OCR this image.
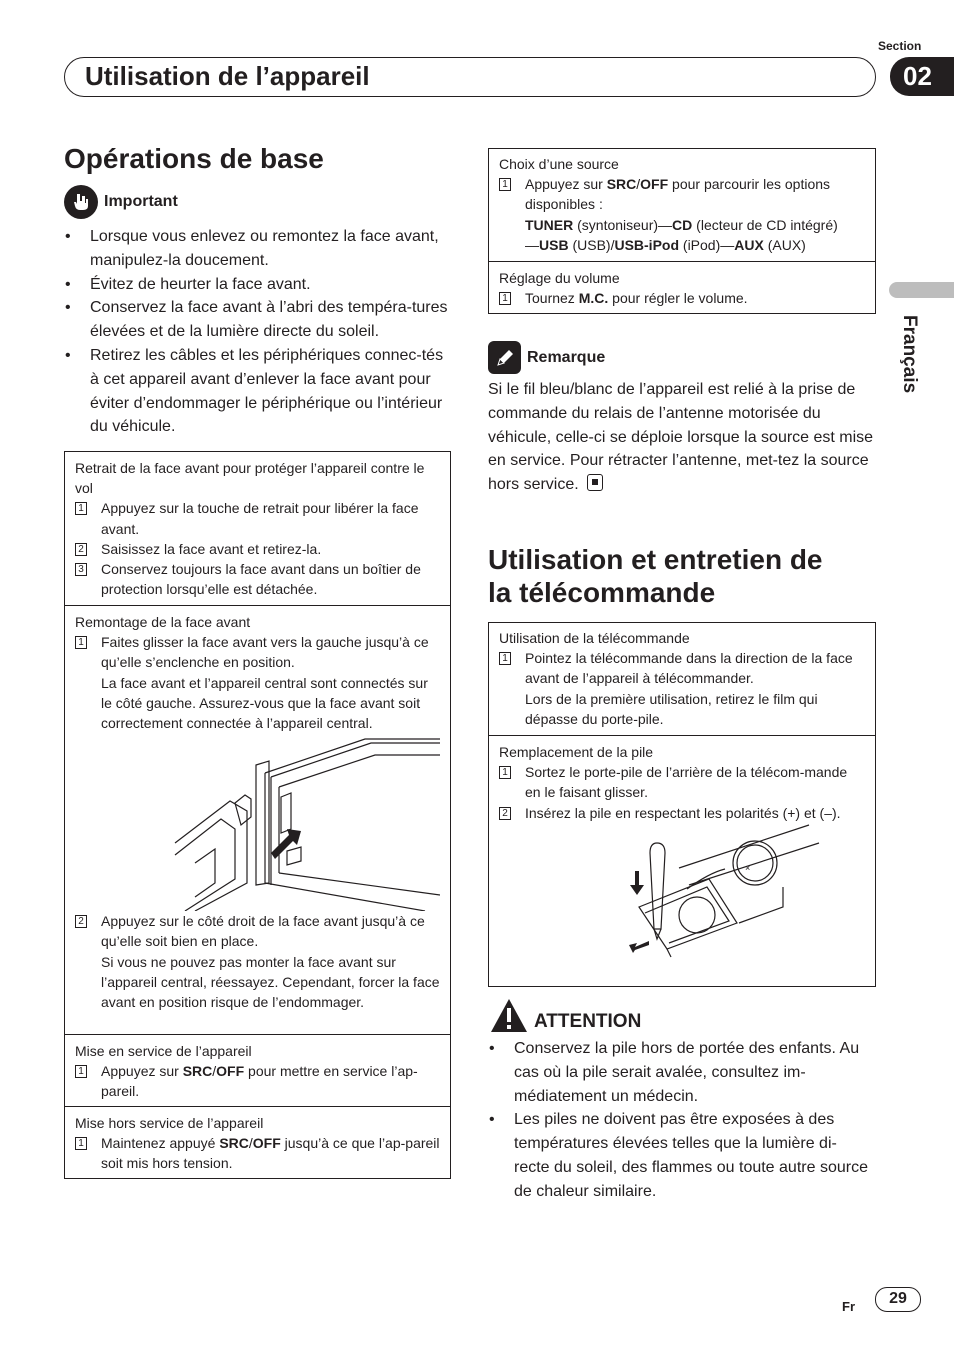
Section
02
Utilisation de l’appareil
Français
Opérations de base
Important
• Lorsque vous enlevez ou remontez la face avant, manipulez-la doucement.
• Évitez de heurter la face avant.
• Conservez la face avant à l’abri des tempéra-tures élevées et de la lumière directe du soleil.
• Retirez les câbles et les périphériques connec-tés à cet appareil avant d’enlever la face avant pour éviter d’endommager le périphérique ou l’intérieur du véhicule.
Retrait de la face avant pour protéger l’appareil contre le vol
1 Appuyez sur la touche de retrait pour libérer la face avant.
2 Saisissez la face avant et retirez-la.
3 Conservez toujours la face avant dans un boîtier de protection lorsqu’elle est détachée.
Remontage de la face avant
1 Faites glisser la face avant vers la gauche jusqu’à ce qu’elle s’enclenche en position.
La face avant et l’appareil central sont connectés sur le côté gauche. Assurez-vous que la face avant soit correctement connectée à l’appareil central.
2 Appuyez sur le côté droit de la face avant jusqu’à ce qu’elle soit bien en place.
Si vous ne pouvez pas monter la face avant sur l’appareil central, réessayez. Cependant, forcer la face avant en position risque de l’endommager.
Mise en service de l’appareil
1 Appuyez sur SRC/OFF pour mettre en service l’ap-pareil.
Mise hors service de l’appareil
1 Maintenez appuyé SRC/OFF jusqu’à ce que l’ap-pareil soit mis hors tension.
Choix d’une source
1 Appuyez sur SRC/OFF pour parcourir les options disponibles :
TUNER (syntoniseur)—CD (lecteur de CD intégré)
—USB (USB)/USB-iPod (iPod)—AUX (AUX)
Réglage du volume
1 Tournez M.C. pour régler le volume.
Remarque
Si le fil bleu/blanc de l’appareil est relié à la prise de commande du relais de l’antenne motorisée du véhicule, celle-ci se déploie lorsque la source est mise en service. Pour rétracter l’antenne, met-tez la source hors service.
Utilisation et entretien de
la télécommande
Utilisation de la télécommande
1 Pointez la télécommande dans la direction de la face avant de l’appareil à télécommander.
Lors de la première utilisation, retirez le film qui dépasse du porte-pile.
Remplacement de la pile
1 Sortez le porte-pile de l’arrière de la télécom-mande en le faisant glisser.
2 Insérez la pile en respectant les polarités (+) et (–).
×
ATTENTION
• Conservez la pile hors de portée des enfants. Au cas où la pile serait avalée, consultez im-médiatement un médecin.
• Les piles ne doivent pas être exposées à des températures élevées telles que la lumière di-recte du soleil, des flammes ou toute autre source de chaleur similaire.
Fr	29
